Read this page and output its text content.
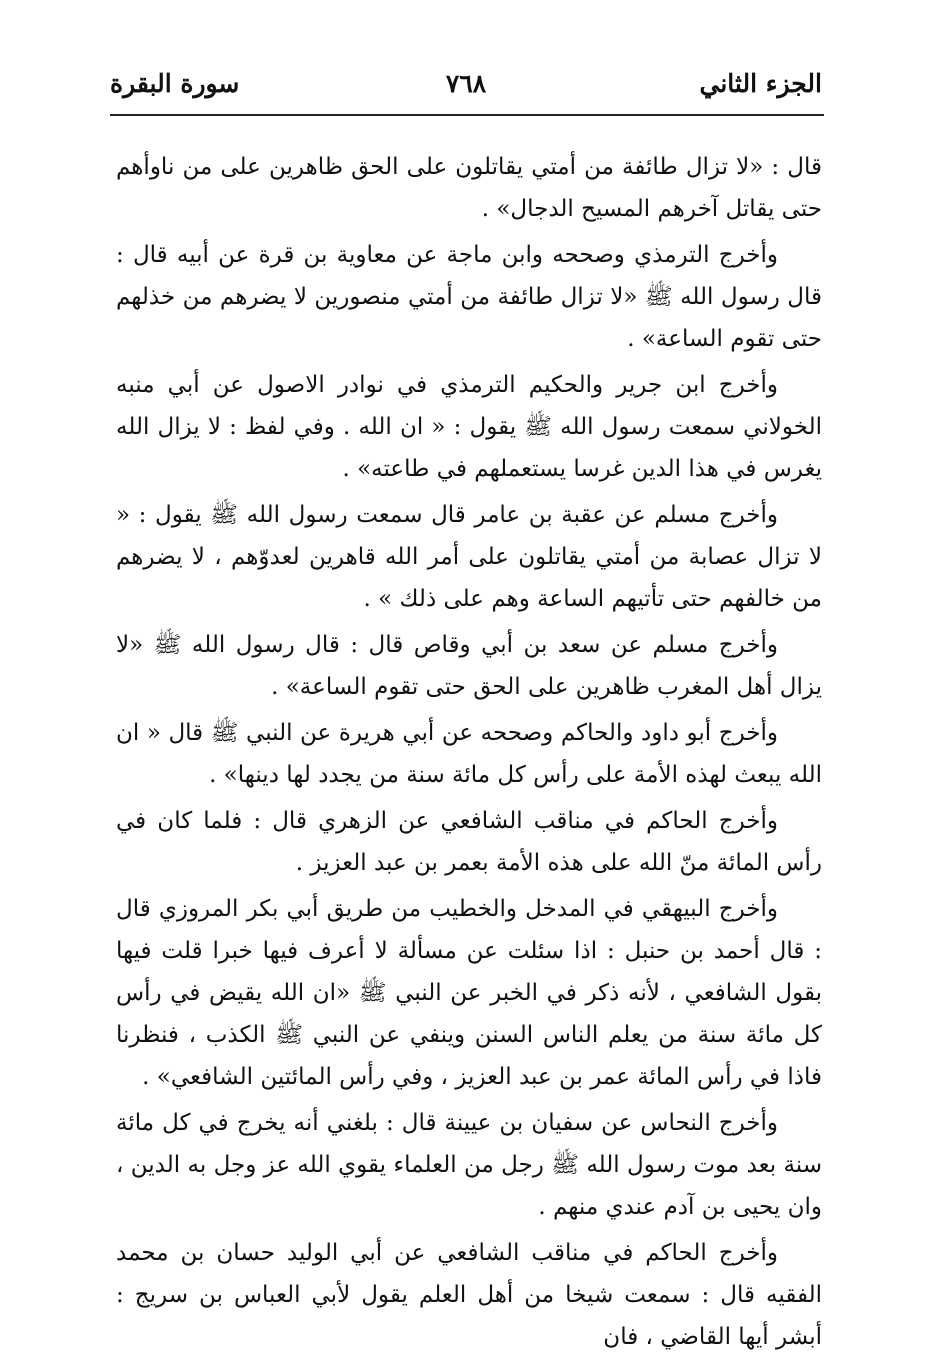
الجزء الثاني
٧٦٨
سورة البقرة

قال : «لا تزال طائفة من أمتي يقاتلون على الحق ظاهرين على من ناوأهم حتى يقاتل آخرهم المسيح الدجال» .

وأخرج الترمذي وصححه وابن ماجة عن معاوية بن قرة عن أبيه قال : قال رسول الله ﷺ «لا تزال طائفة من أمتي منصورين لا يضرهم من خذلهم حتى تقوم الساعة» .

وأخرج ابن جرير والحكيم الترمذي في نوادر الاصول عن أبي منبه الخولاني سمعت رسول الله ﷺ يقول : « ان الله . وفي لفظ : لا يزال الله يغرس في هذا الدين غرسا يستعملهم في طاعته» .

وأخرج مسلم عن عقبة بن عامر قال سمعت رسول الله ﷺ يقول : « لا تزال عصابة من أمتي يقاتلون على أمر الله قاهرين لعدوّهم ، لا يضرهم من خالفهم حتى تأتيهم الساعة وهم على ذلك » .

وأخرج مسلم عن سعد بن أبي وقاص قال : قال رسول الله ﷺ «لا يزال أهل المغرب ظاهرين على الحق حتى تقوم الساعة» .

وأخرج أبو داود والحاكم وصححه عن أبي هريرة عن النبي ﷺ قال « ان الله يبعث لهذه الأمة على رأس كل مائة سنة من يجدد لها دينها» .

وأخرج الحاكم في مناقب الشافعي عن الزهري قال : فلما كان في رأس المائة منّ الله على هذه الأمة بعمر بن عبد العزيز .

وأخرج البيهقي في المدخل والخطيب من طريق أبي بكر المروزي قال : قال أحمد بن حنبل : اذا سئلت عن مسألة لا أعرف فيها خبرا قلت فيها بقول الشافعي ، لأنه ذكر في الخبر عن النبي ﷺ «ان الله يقيض في رأس كل مائة سنة من يعلم الناس السنن وينفي عن النبي ﷺ الكذب ، فنظرنا فاذا في رأس المائة عمر بن عبد العزيز ، وفي رأس المائتين الشافعي» .

وأخرج النحاس عن سفيان بن عيينة قال : بلغني أنه يخرج في كل مائة سنة بعد موت رسول الله ﷺ رجل من العلماء يقوي الله عز وجل به الدين ، وان يحيى بن آدم عندي منهم .

وأخرج الحاكم في مناقب الشافعي عن أبي الوليد حسان بن محمد الفقيه قال : سمعت شيخا من أهل العلم يقول لأبي العباس بن سريج : أبشر أيها القاضي ، فان
